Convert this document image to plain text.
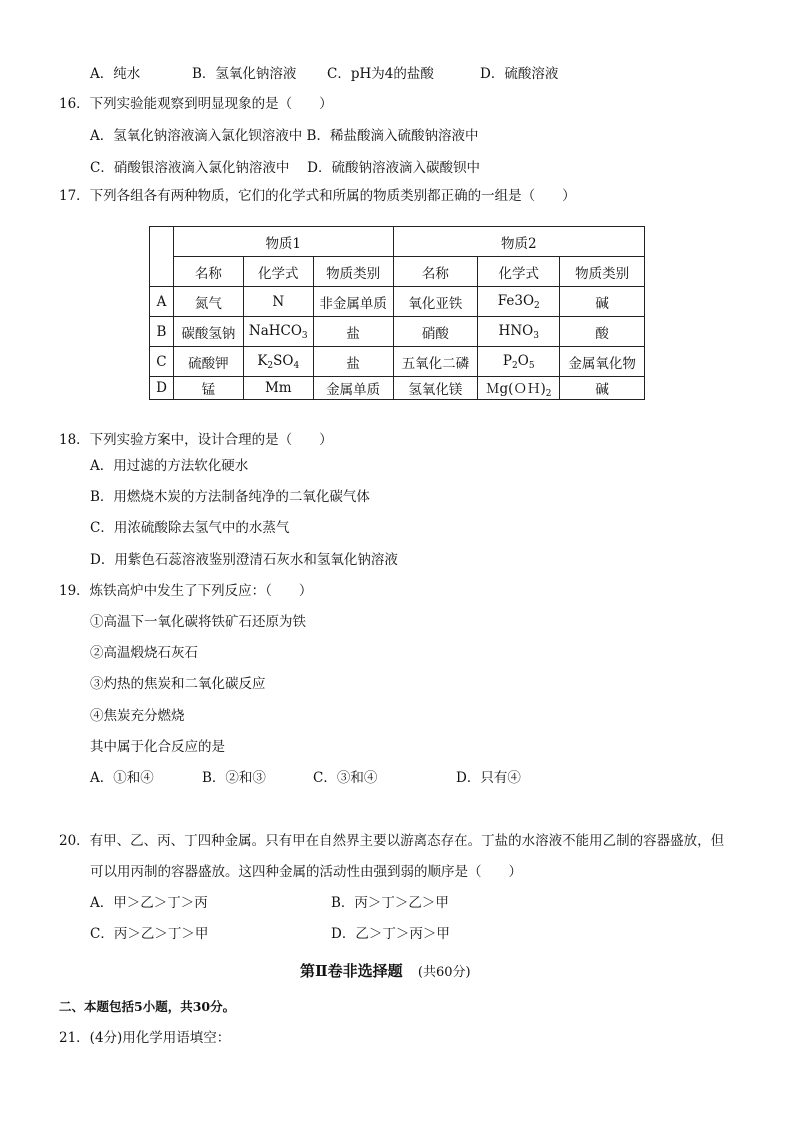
A．纯水	B．氢氧化钠溶液 C．pH为4的盐酸	D．硫酸溶液
16．下列实验能观察到明显现象的是（　　）
A．氢氧化钠溶液滴入氯化钡溶液中 B．稀盐酸滴入硫酸钠溶液中
C．硝酸银溶液滴入氯化钠溶液中　 D．硫酸钠溶液滴入碳酸钡中
17．下列各组各有两种物质，它们的化学式和所属的物质类别都正确的一组是（　　）
	物质1			物质2		
	名称	化学式	物质类别	名称	化学式	物质类别
A	氮气	N	非金属单质	氧化亚铁	$Fe3O_2$	碱
B	碳酸氢钠	NaHCO$_3$	盐	硝酸	$HNO_3$	酸
C	硫酸钾	$K_2SO_4$	盐	五氧化二磷	$P_2O_5$	金属氧化物
D	锰	Mm	金属单质	氢氧化镁	$Mg(OH)_2$	碱
18．下列实验方案中，设计合理的是（　　）
A．用过滤的方法软化硬水
B．用燃烧木炭的方法制备纯净的二氧化碳气体
C．用浓硫酸除去氢气中的水蒸气
D．用紫色石蕊溶液鉴别澄清石灰水和氢氧化钠溶液
19．炼铁高炉中发生了下列反应：（　　）
①高温下一氧化碳将铁矿石还原为铁
②高温煅烧石灰石
③灼热的焦炭和二氧化碳反应
④焦炭充分燃烧
其中属于化合反应的是
A．①和④	B．②和③	C．③和④	D．只有④
20．有甲、乙、丙、丁四种金属。只有甲在自然界主要以游离态存在。丁盐的水溶液不能用乙制的容器盛放，但
可以用丙制的容器盛放。这四种金属的活动性由强到弱的顺序是（　　）
A．甲＞乙＞丁＞丙	B．丙＞丁＞乙＞甲
C．丙＞乙＞丁＞甲	D．乙＞丁＞丙＞甲
第Ⅱ卷非选择题 (共60分)
二、本题包括5小题，共30分。
21．(4分)用化学用语填空：
